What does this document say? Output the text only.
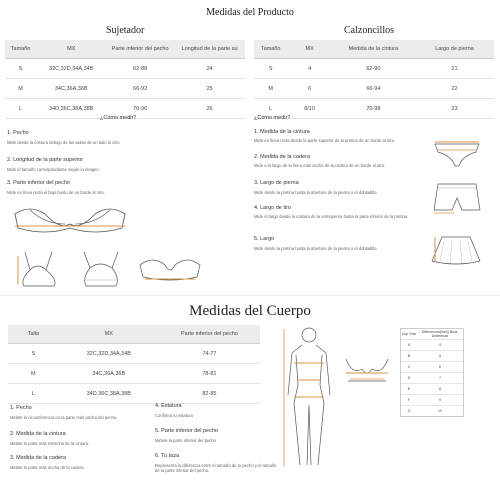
Medidas del Producto
Sujetador
Tamaño	MX	Parte inferior del pecho	Longitud de la parte su
S	32C,32D,34A,34B	62-88	24
M	34C,36A,36B	66-92	25
L	34D,36C,38A,38B	70-96	26
¿Cómo medir?
1. Pecho
Mide desde la costura debajo de las axilas de un lado al otro.
2. Longitud de la parte superior
Mide el tamaño correspondiente según la imagen.
3. Parte inferior del pecho
Mide en línea recta el bajo busto de un borde al otro.
Calzoncillos
Tamaño	MX	Medida de la cintura	Largo de pierna
S	4	62-90	21
M	6	66-94	22
L	8/10	70-98	23
¿Cómo medir?
1. Medida de la cintura
Mide en línea recta desde la parte superior de la pretina de un borde al otro.
2. Medida de la cadera
Mide a lo largo de la línea más ancha de la cadera de un borde al otro.
3. Largo de pierna
Mide desde la pretina hasta la abertura de la pierna o el dobladillo.
4. Largo de tiro
Mide el largo desde la costura de la entrepierna hasta la parte inferior de la pretina.
5. Largo
Mide desde la pretina hasta la abertura de la pierna o el dobladillo.
Medidas del Cuerpo
Talla	MX	Parte inferior del pecho
S	32C,32D,34A,34B	74-77
M	34C,36A,36B	78-81
L	34D,36C,38A,38B	82-85
1. Pecho
Midete la circunferencia en la parte más ancha del pecho.
2. Medida de la cintura
Midete la parte más estrecha de la cintura.
3. Medida de la cadera
Midete la parte más ancha de la cadera.
4. Estatura
Confirma tu estatura
5. Parte inferior del pecho
Midete la parte inferior del pecho
6. Tu taza
Representa la diferencia entre el tamaño de tu pecho y el tamaño de la parte inferior del pecho.
Cup Size	Differences(inch) Bust-Underbust
A	4
B	5
C	6
D	7
E	8
F	9
G	10
